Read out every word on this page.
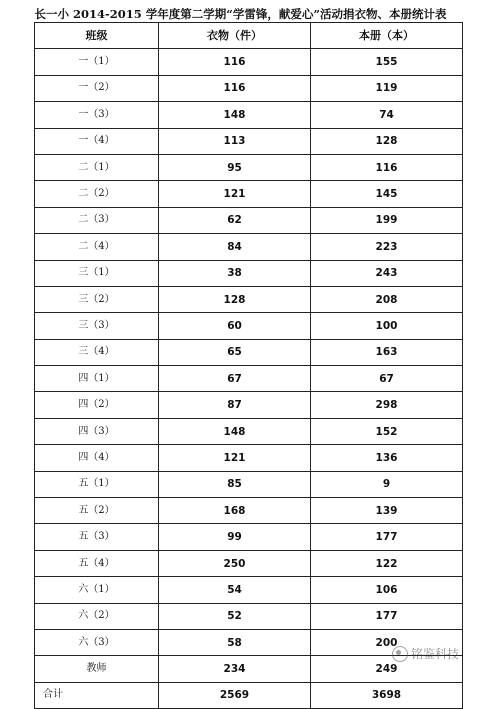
长一小 2014-2015 学年度第二学期“学雷锋，献爱心”活动捐衣物、本册统计表
班级	衣物（件）	本册（本）
一（1）	116	155
一（2）	116	119
一（3）	148	74
一（4）	113	128
二（1）	95	116
二（2）	121	145
二（3）	62	199
二（4）	84	223
三（1）	38	243
三（2）	128	208
三（3）	60	100
三（4）	65	163
四（1）	67	67
四（2）	87	298
四（3）	148	152
四（4）	121	136
五（1）	85	9
五（2）	168	139
五（3）	99	177
五（4）	250	122
六（1）	54	106
六（2）	52	177
六（3）	58	200
教师	234	249
合计	2569	3698
铭鉴科技
